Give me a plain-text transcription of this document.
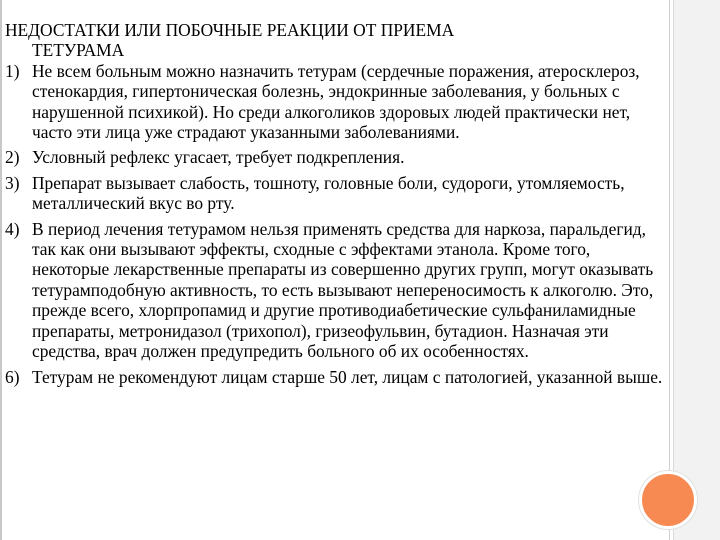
НЕДОСТАТКИ ИЛИ ПОБОЧНЫЕ РЕАКЦИИ ОТ ПРИЕМА
ТЕТУРАМА
1) Не всем больным можно назначить тетурам (сердечные поражения, атеросклероз, стенокардия, гипертоническая болезнь, эндокринные заболевания, у больных с нарушенной психикой). Но среди алкоголиков здоровых людей практически нет, часто эти лица уже страдают указанными заболеваниями.
2) Условный рефлекс угасает, требует подкрепления.
3) Препарат вызывает слабость, тошноту, головные боли, судороги, утомляемость, металлический вкус во рту.
4) В период лечения тетурамом нельзя применять средства для наркоза, паральдегид, так как они вызывают эффекты, сходные с эффектами этанола. Кроме того, некоторые лекарственные препараты из совершенно других групп, могут оказывать тетурамподобную активность, то есть вызывают непереносимость к алкоголю. Это, прежде всего, хлорпропамид и другие противодиабетические сульфаниламидные препараты, метронидазол (трихопол), гризеофульвин, бутадион. Назначая эти средства, врач должен предупредить больного об их особенностях.
6) Тетурам не рекомендуют лицам старше 50 лет, лицам с патологией, указанной выше.
